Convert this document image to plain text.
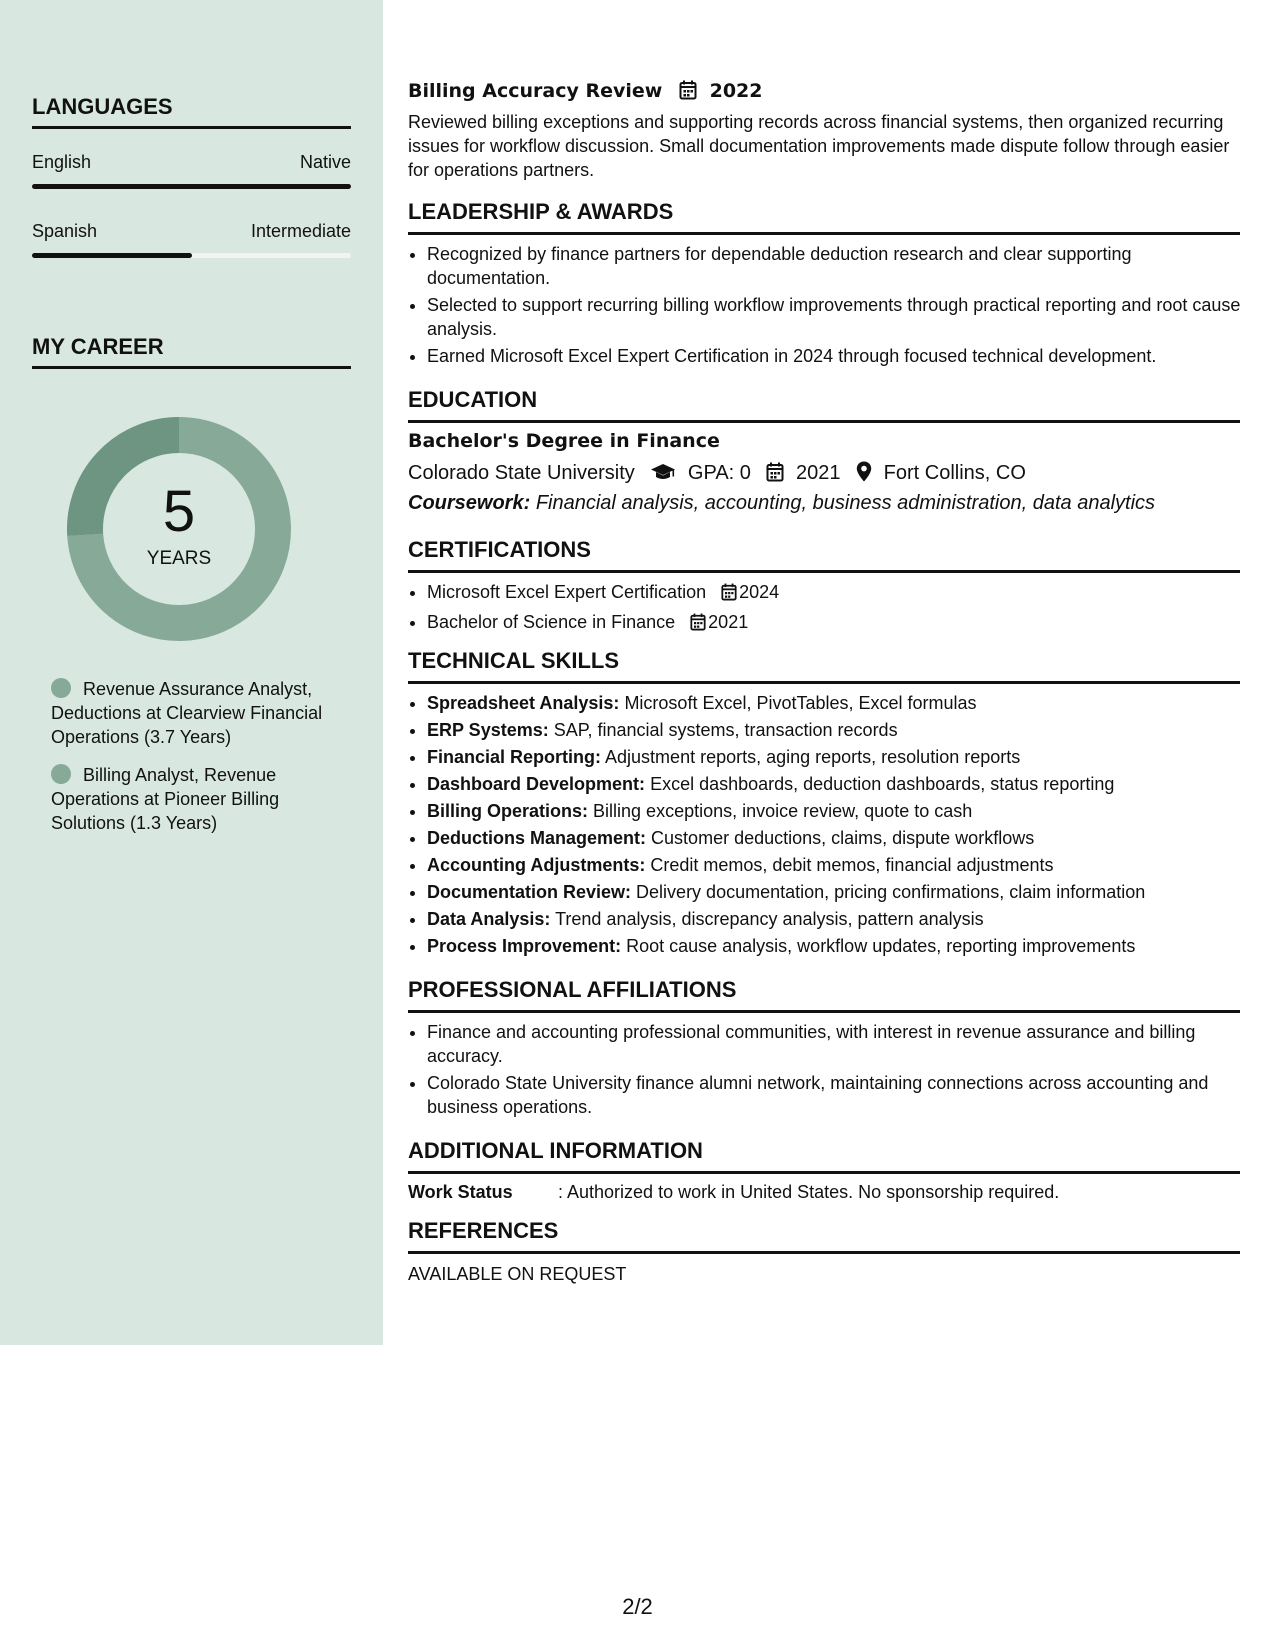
LANGUAGES
English	Native
Spanish	Intermediate
MY CAREER
5
YEARS
Revenue Assurance Analyst, Deductions at Clearview Financial Operations (3.7 Years)
Billing Analyst, Revenue Operations at Pioneer Billing Solutions (1.3 Years)
Billing Accuracy Review 2022
Reviewed billing exceptions and supporting records across financial systems, then organized recurring issues for workflow discussion. Small documentation improvements made dispute follow through easier for operations partners.
LEADERSHIP & AWARDS
• Recognized by finance partners for dependable deduction research and clear supporting documentation.
• Selected to support recurring billing workflow improvements through practical reporting and root cause analysis.
• Earned Microsoft Excel Expert Certification in 2024 through focused technical development.
EDUCATION
Bachelor's Degree in Finance
Colorado State University	GPA: 0 2021 Fort Collins, CO
Coursework: Financial analysis, accounting, business administration, data analytics
CERTIFICATIONS
• Microsoft Excel Expert Certification 2024
• Bachelor of Science in Finance 2021
TECHNICAL SKILLS
• Spreadsheet Analysis: Microsoft Excel, PivotTables, Excel formulas
• ERP Systems: SAP, financial systems, transaction records
• Financial Reporting: Adjustment reports, aging reports, resolution reports
• Dashboard Development: Excel dashboards, deduction dashboards, status reporting
• Billing Operations: Billing exceptions, invoice review, quote to cash
• Deductions Management: Customer deductions, claims, dispute workflows
• Accounting Adjustments: Credit memos, debit memos, financial adjustments
• Documentation Review: Delivery documentation, pricing confirmations, claim information
• Data Analysis: Trend analysis, discrepancy analysis, pattern analysis
• Process Improvement: Root cause analysis, workflow updates, reporting improvements
PROFESSIONAL AFFILIATIONS
• Finance and accounting professional communities, with interest in revenue assurance and billing accuracy.
• Colorado State University finance alumni network, maintaining connections across accounting and business operations.
ADDITIONAL INFORMATION
Work Status	: Authorized to work in United States. No sponsorship required.
REFERENCES
AVAILABLE ON REQUEST
2/2
